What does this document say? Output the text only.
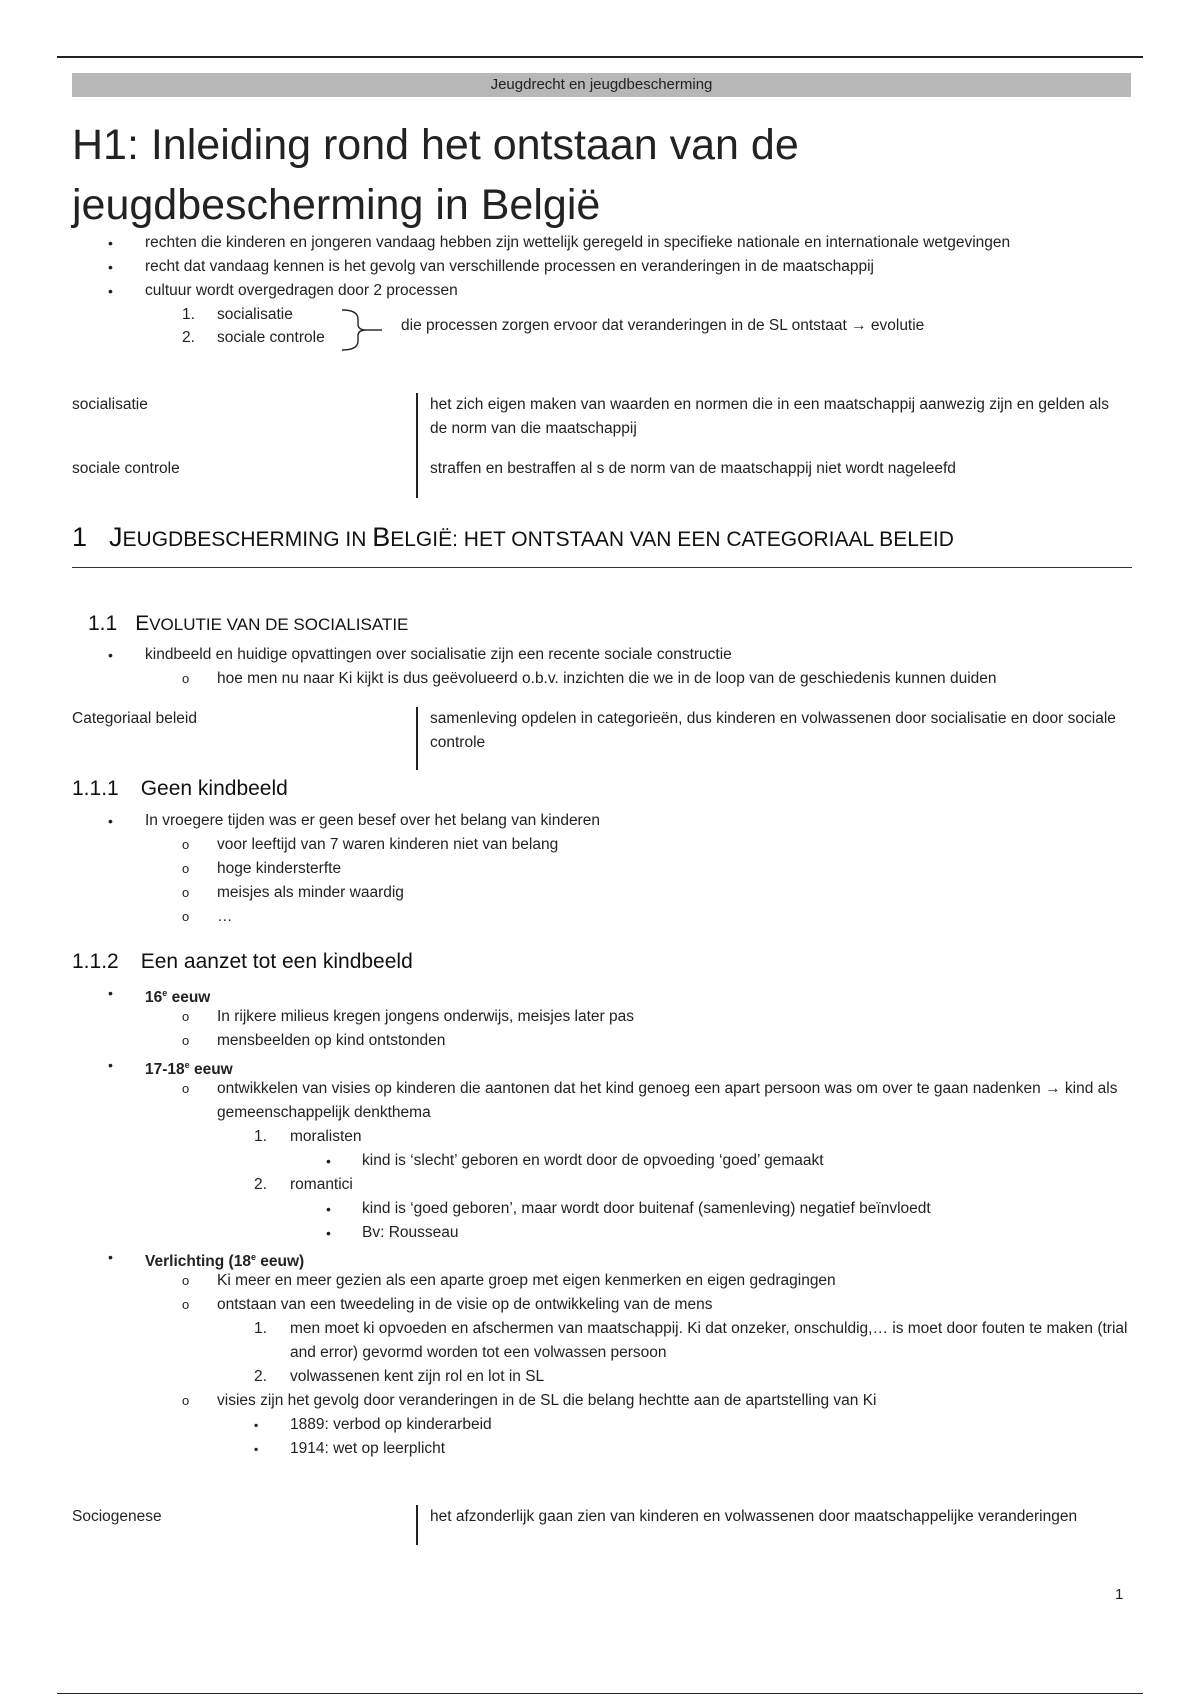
Jeugdrecht en jeugdbescherming
H1: Inleiding rond het ontstaan van de
jeugdbescherming in België
• rechten die kinderen en jongeren vandaag hebben zijn wettelijk geregeld in specifieke nationale en internationale wetgevingen
• recht dat vandaag kennen is het gevolg van verschillende processen en veranderingen in de maatschappij
• cultuur wordt overgedragen door 2 processen
1. socialisatie
2. sociale controle
die processen zorgen ervoor dat veranderingen in de SL ontstaat → evolutie
socialisatie	het zich eigen maken van waarden en normen die in een maatschappij aanwezig zijn en gelden als de norm van die maatschappij
sociale controle	straffen en bestraffen al s de norm van de maatschappij niet wordt nageleefd
1 JEUGDBESCHERMING IN BELGIË: HET ONTSTAAN VAN EEN CATEGORIAAL BELEID
1.1 EVOLUTIE VAN DE SOCIALISATIE
• kindbeeld en huidige opvattingen over socialisatie zijn een recente sociale constructie
o hoe men nu naar Ki kijkt is dus geëvolueerd o.b.v. inzichten die we in de loop van de geschiedenis kunnen duiden
Categoriaal beleid	samenleving opdelen in categorieën, dus kinderen en volwassenen door socialisatie en door sociale controle
1.1.1 Geen kindbeeld
• In vroegere tijden was er geen besef over het belang van kinderen
o voor leeftijd van 7 waren kinderen niet van belang
o hoge kindersterfte
o meisjes als minder waardig
o …
1.1.2 Een aanzet tot een kindbeeld
• 16e eeuw
o In rijkere milieus kregen jongens onderwijs, meisjes later pas
o mensbeelden op kind ontstonden
• 17-18e eeuw
o ontwikkelen van visies op kinderen die aantonen dat het kind genoeg een apart persoon was om over te gaan nadenken → kind als gemeenschappelijk denkthema
1. moralisten
• kind is ‘slecht’ geboren en wordt door de opvoeding ‘goed’ gemaakt
2. romantici
• kind is ‘goed geboren’, maar wordt door buitenaf (samenleving) negatief beïnvloedt
• Bv: Rousseau
• Verlichting (18e eeuw)
o Ki meer en meer gezien als een aparte groep met eigen kenmerken en eigen gedragingen
o ontstaan van een tweedeling in de visie op de ontwikkeling van de mens
1. men moet ki opvoeden en afschermen van maatschappij. Ki dat onzeker, onschuldig,… is moet door fouten te maken (trial and error) gevormd worden tot een volwassen persoon
2. volwassenen kent zijn rol en lot in SL
o visies zijn het gevolg door veranderingen in de SL die belang hechtte aan de apartstelling van Ki
▪ 1889: verbod op kinderarbeid
▪ 1914: wet op leerplicht
Sociogenese	het afzonderlijk gaan zien van kinderen en volwassenen door maatschappelijke veranderingen
1
